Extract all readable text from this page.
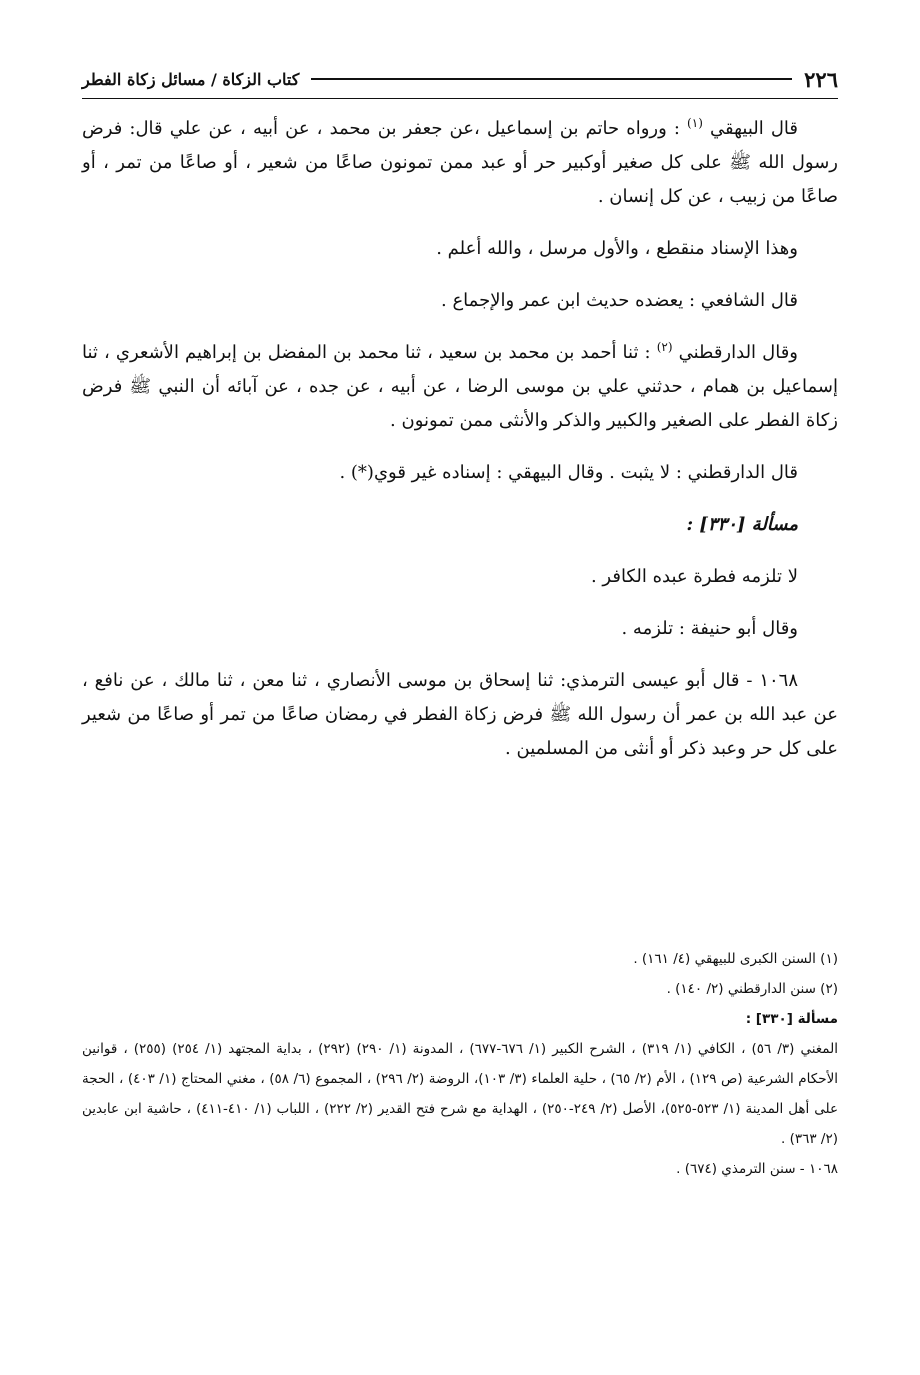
٢٢٦
كتاب الزكاة / مسائل زكاة الفطر

قال البيهقي $^{(١)}$ : ورواه حاتم بن إسماعيل ،عن جعفر بن محمد ، عن أبيه ، عن علي قال: فرض رسول الله ﷺ على كل صغير أوكبير حر أو عبد ممن تمونون صاعًا من شعير ، أو صاعًا من تمر ، أو صاعًا من زبيب ، عن كل إنسان .

وهذا الإسناد منقطع ، والأول مرسل ، والله أعلم .

قال الشافعي : يعضده حديث ابن عمر والإجماع .

وقال الدارقطني $^{(٢)}$ : ثنا أحمد بن محمد بن سعيد ، ثنا محمد بن المفضل بن إبراهيم الأشعري ، ثنا إسماعيل بن همام ، حدثني علي بن موسى الرضا ، عن أبيه ، عن جده ، عن آبائه أن النبي ﷺ فرض زكاة الفطر على الصغير والكبير والذكر والأنثى ممن تمونون .

قال الدارقطني : لا يثبت . وقال البيهقي : إسناده غير قوي(*) .

مسألة [٣٣٠] :

لا تلزمه فطرة عبده الكافر .

وقال أبو حنيفة : تلزمه .

١٠٦٨ - قال أبو عيسى الترمذي: ثنا إسحاق بن موسى الأنصاري ، ثنا معن ، ثنا مالك ، عن نافع ، عن عبد الله بن عمر أن رسول الله ﷺ فرض زكاة الفطر في رمضان صاعًا من تمر أو صاعًا من شعير على كل حر وعبد ذكر أو أنثى من المسلمين .

(١) السنن الكبرى للبيهقي (٤/ ١٦١) .

(٢) سنن الدارقطني (٢/ ١٤٠) .

مسألة [٣٣٠] :

المغني (٣/ ٥٦) ، الكافي (١/ ٣١٩) ، الشرح الكبير (١/ ٦٧٦-٦٧٧) ، المدونة (١/ ٢٩٠) (٢٩٢) ، بداية المجتهد (١/ ٢٥٤) (٢٥٥) ، قوانين الأحكام الشرعية (ص ١٢٩) ، الأم (٢/ ٦٥) ، حلية العلماء (٣/ ١٠٣)، الروضة (٢/ ٢٩٦) ، المجموع (٦/ ٥٨) ، مغني المحتاج (١/ ٤٠٣) ، الحجة على أهل المدينة (١/ ٥٢٣-٥٢٥)، الأصل (٢/ ٢٤٩-٢٥٠) ، الهداية مع شرح فتح القدير (٢/ ٢٢٢) ، اللباب (١/ ٤١٠-٤١١) ، حاشية ابن عابدين (٢/ ٣٦٣) .

١٠٦٨ - سنن الترمذي (٦٧٤) .
